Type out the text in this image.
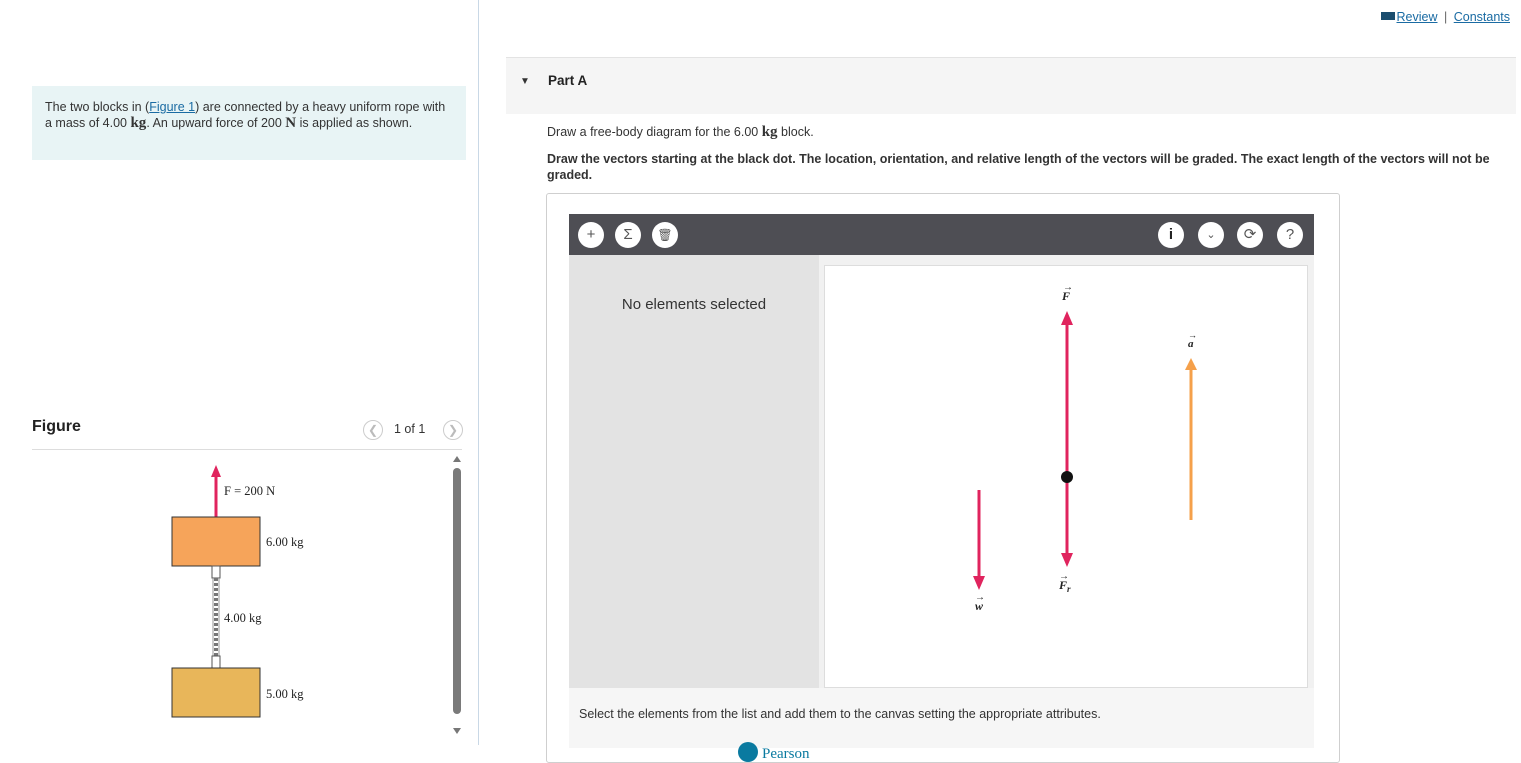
The two blocks in (Figure 1) are connected by a heavy uniform rope with a mass of 4.00 kg. An upward force of 200 N is applied as shown.
Figure	❮	1 of 1	❯
F = 200 N
6.00 kg
4.00 kg
5.00 kg
Review | Constants
▼ Part A
Draw a free-body diagram for the 6.00 kg block.
Draw the vectors starting at the black dot. The location, orientation, and relative length of the vectors will be graded. The exact length of the vectors will not be graded.
+	Σ	🗑	i	⌄	⟳	?
No elements selected	F
→
$F_r$
→
w
→
a
→
Select the elements from the list and add them to the canvas setting the appropriate attributes.
Pearson
